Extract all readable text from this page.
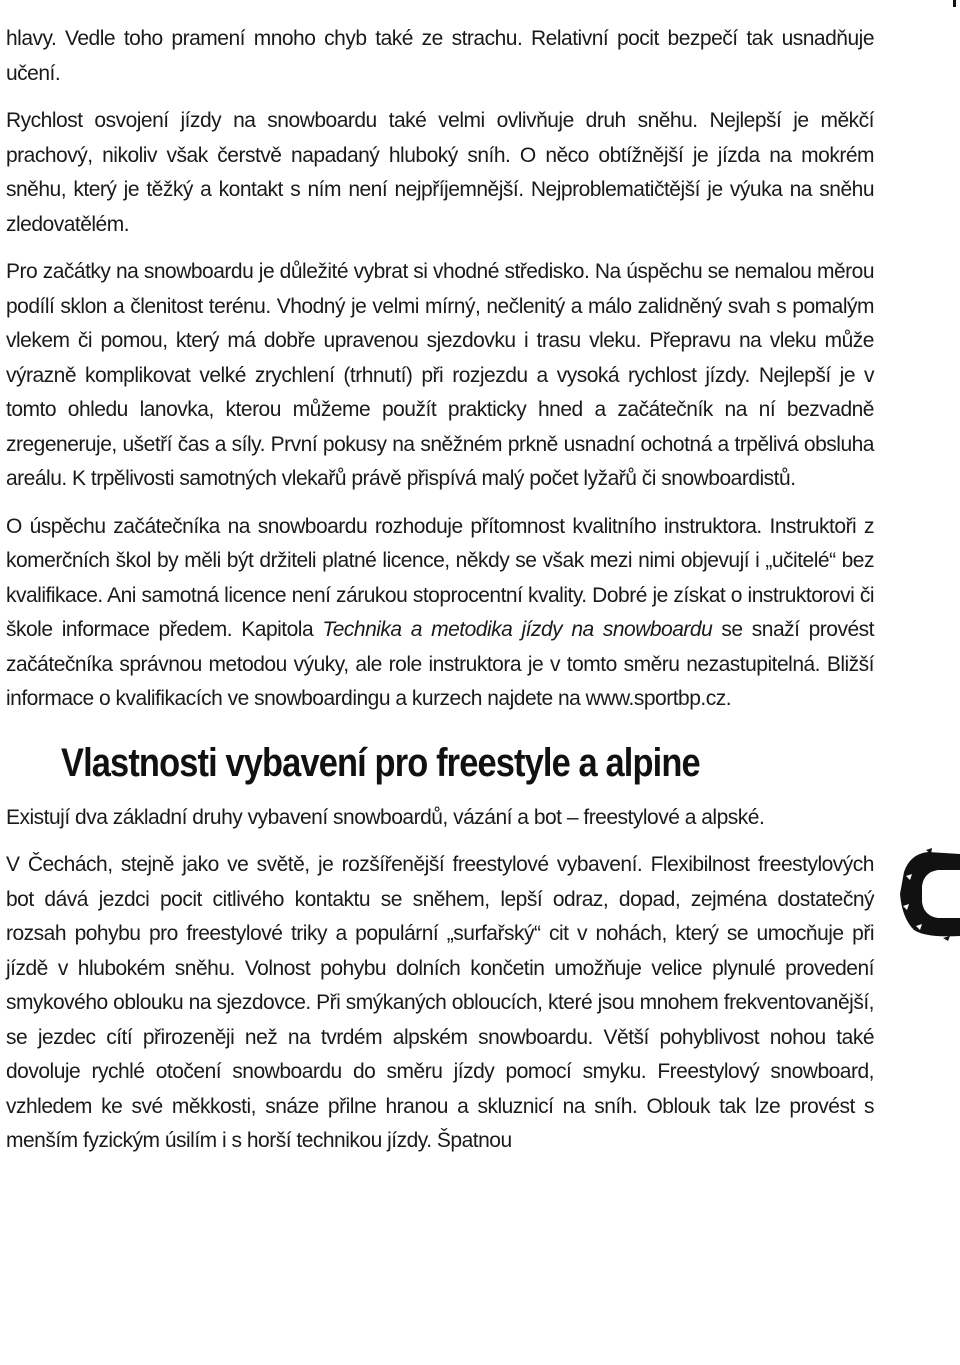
hlavy. Vedle toho pramení mnoho chyb také ze strachu. Relativní pocit bezpečí tak usnadňuje učení.

Rychlost osvojení jízdy na snowboardu také velmi ovlivňuje druh sněhu. Nejlepší je měkčí prachový, nikoliv však čerstvě napadaný hluboký sníh. O něco obtížnější je jízda na mokrém sněhu, který je těžký a kontakt s ním není nejpříjemnější. Nejproblematičtější je výuka na sněhu zledovatělém.

Pro začátky na snowboardu je důležité vybrat si vhodné středisko. Na úspěchu se nemalou měrou podílí sklon a členitost terénu. Vhodný je velmi mírný, nečlenitý a málo zalidněný svah s pomalým vlekem či pomou, který má dobře upravenou sjezdovku i trasu vleku. Přepravu na vleku může výrazně komplikovat velké zrychlení (trhnutí) při rozjezdu a vysoká rychlost jízdy. Nejlepší je v tomto ohledu lanovka, kterou můžeme použít prakticky hned a začátečník na ní bezvadně zregeneruje, ušetří čas a síly. První pokusy na sněžném prkně usnadní ochotná a trpělivá obsluha areálu. K trpělivosti samotných vlekařů právě přispívá malý počet lyžařů či snowboardistů.

O úspěchu začátečníka na snowboardu rozhoduje přítomnost kvalitního instruktora. Instruktoři z komerčních škol by měli být držiteli platné licence, někdy se však mezi nimi objevují i „učitelé“ bez kvalifikace. Ani samotná licence není zárukou stoprocentní kvality. Dobré je získat o instruktorovi či škole informace předem. Kapitola Technika a metodika jízdy na snowboardu se snaží provést začátečníka správnou metodou výuky, ale role instruktora je v tomto směru nezastupitelná. Bližší informace o kvalifikacích ve snowboardingu a kurzech najdete na www.sportbp.cz.

Vlastnosti vybavení pro freestyle a alpine

Existují dva základní druhy vybavení snowboardů, vázání a bot – freestylové a alpské.

V Čechách, stejně jako ve světě, je rozšířenější freestylové vybavení. Flexibilnost freestylových bot dává jezdci pocit citlivého kontaktu se sněhem, lepší odraz, dopad, zejména dostatečný rozsah pohybu pro freestylové triky a populární „surfařský“ cit v nohách, který se umocňuje při jízdě v hlubokém sněhu. Volnost pohybu dolních končetin umožňuje velice plynulé provedení smykového oblouku na sjezdovce. Při smýkaných obloucích, které jsou mnohem frekventovanější, se jezdec cítí přirozeněji než na tvrdém alpském snowboardu. Větší pohyblivost nohou také dovoluje rychlé otočení snowboardu do směru jízdy pomocí smyku. Freestylový snowboard, vzhledem ke své měkkosti, snáze přilne hranou a skluznicí na sníh. Oblouk tak lze provést s menším fyzickým úsilím i s horší technikou jízdy. Špatnou
